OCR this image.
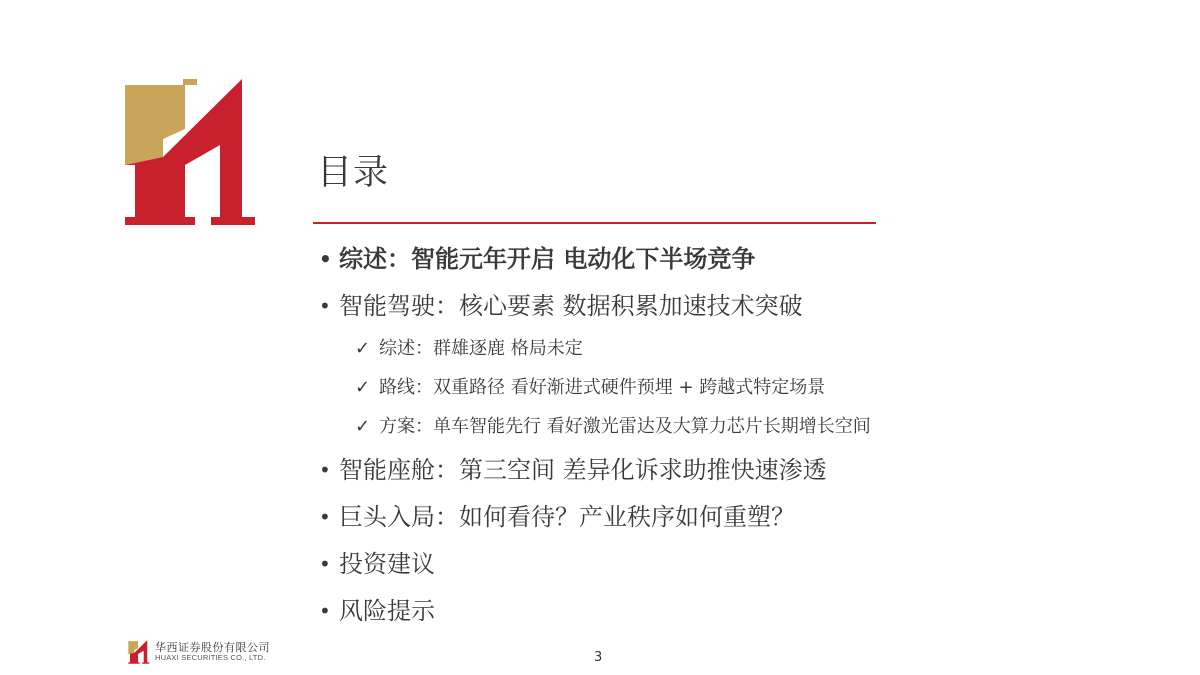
目录
• 综述：智能元年开启 电动化下半场竞争
• 智能驾驶：核心要素 数据积累加速技术突破
✓ 综述：群雄逐鹿 格局未定
✓ 路线：双重路径 看好渐进式硬件预埋 + 跨越式特定场景
✓ 方案：单车智能先行 看好激光雷达及大算力芯片长期增长空间
• 智能座舱：第三空间 差异化诉求助推快速渗透
• 巨头入局：如何看待？产业秩序如何重塑？
• 投资建议
• 风险提示
华西证券股份有限公司
HUAXI SECURITIES CO., LTD.	3
